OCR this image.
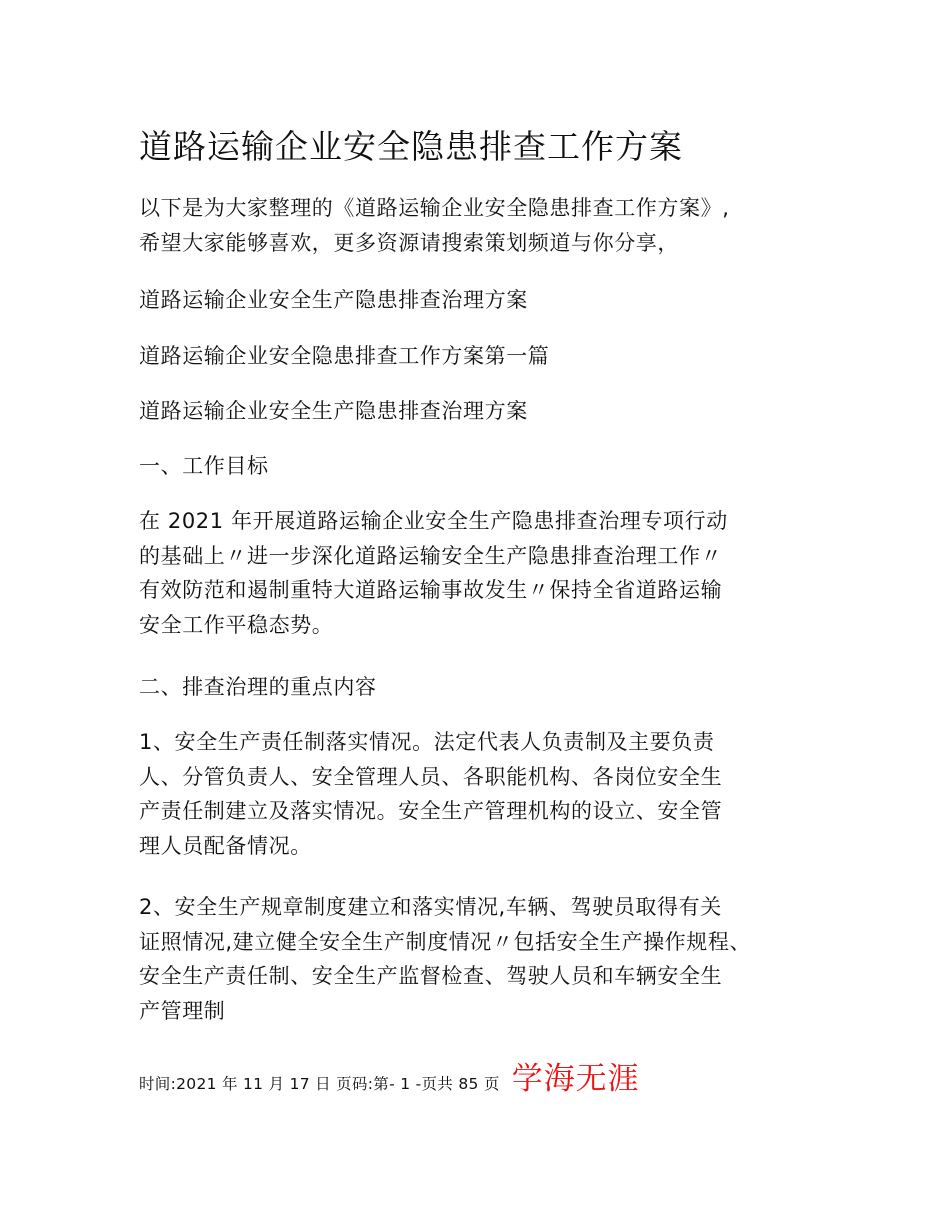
道路运输企业安全隐患排查工作方案
以下是为大家整理的《道路运输企业安全隐患排查工作方案》,
希望大家能够喜欢，更多资源请搜索策划频道与你分享，
道路运输企业安全生产隐患排查治理方案
道路运输企业安全隐患排查工作方案第一篇
道路运输企业安全生产隐患排查治理方案
一、工作目标
在 2021 年开展道路运输企业安全生产隐患排查治理专项行动
的基础上〃进一步深化道路运输安全生产隐患排查治理工作〃
有效防范和遏制重特大道路运输事故发生〃保持全省道路运输
安全工作平稳态势。
二、排查治理的重点内容
1、安全生产责任制落实情况。法定代表人负责制及主要负责
人、分管负责人、安全管理人员、各职能机构、各岗位安全生
产责任制建立及落实情况。安全生产管理机构的设立、安全管
理人员配备情况。
2、安全生产规章制度建立和落实情况,车辆、驾驶员取得有关
证照情况,建立健全安全生产制度情况〃包括安全生产操作规程、
安全生产责任制、安全生产监督检查、驾驶人员和车辆安全生
产管理制
时间:2021 年 11 月 17 日 页码:第- 1 -页共 85 页 学海无涯
